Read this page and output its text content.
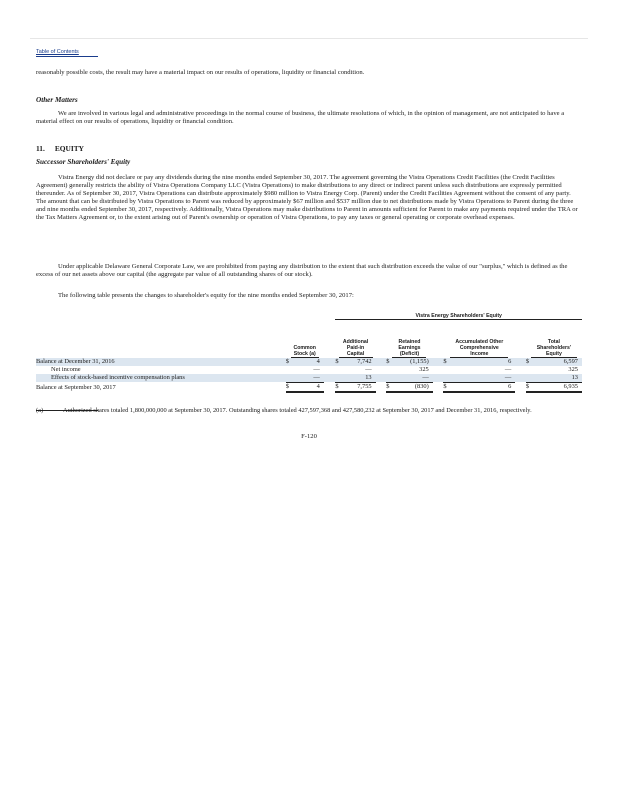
Table of Contents

reasonably possible costs, the result may have a material impact on our results of operations, liquidity or financial condition.

Other Matters

We are involved in various legal and administrative proceedings in the normal course of business, the ultimate resolutions of which, in the opinion of management, are not anticipated to have a material effect on our results of operations, liquidity or financial condition.

11. EQUITY
Successor Shareholders' Equity

Vistra Energy did not declare or pay any dividends during the nine months ended September 30, 2017. The agreement governing the Vistra Operations Credit Facilities (the Credit Facilities Agreement) generally restricts the ability of Vistra Operations Company LLC (Vistra Operations) to make distributions to any direct or indirect parent unless such distributions are expressly permitted thereunder. As of September 30, 2017, Vistra Operations can distribute approximately $980 million to Vistra Energy Corp. (Parent) under the Credit Facilities Agreement without the consent of any party. The amount that can be distributed by Vistra Operations to Parent was reduced by approximately $67 million and $537 million due to net distributions made by Vistra Operations to Parent during the three and nine months ended September 30, 2017, respectively. Additionally, Vistra Operations may make distributions to Parent in amounts sufficient for Parent to make any payments required under the TRA or the Tax Matters Agreement or, to the extent arising out of Parent's ownership or operation of Vistra Operations, to pay any taxes or general operating or corporate overhead expenses.

Under applicable Delaware General Corporate Law, we are prohibited from paying any distribution to the extent that such distribution exceeds the value of our "surplus," which is defined as the excess of our net assets above our capital (the aggregate par value of all outstanding shares of our stock).

The following table presents the changes to shareholder's equity for the nine months ended September 30, 2017:

				Vistra Energy Shareholders' Equity										
	Common Stock (a)			Additional Paid-in Capital			Retained Earnings (Deficit)			Accumulated Other Comprehensive Income			Total Shareholders' Equity	
Balance at December 31, 2016	$	4		$	7,742		$	(1,155)		$	6		$	6,597
Net income		—			—			325			—			325
Effects of stock-based incentive compensation plans		—			13			—			—			13
Balance at September 30, 2017	$	4		$	7,755		$	(830)		$	6		$	6,935
(a)	Authorized shares totaled 1,800,000,000 at September 30, 2017. Outstanding shares totaled 427,597,368 and 427,580,232 at September 30, 2017 and December 31, 2016, respectively.
F-120
